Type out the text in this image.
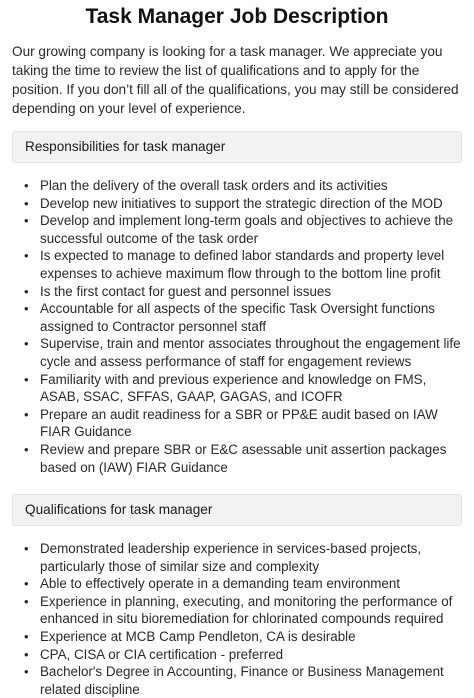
Task Manager Job Description

Our growing company is looking for a task manager. We appreciate you taking the time to review the list of qualifications and to apply for the position. If you don’t fill all of the qualifications, you may still be considered depending on your level of experience.

Responsibilities for task manager
• Plan the delivery of the overall task orders and its activities
• Develop new initiatives to support the strategic direction of the MOD
• Develop and implement long-term goals and objectives to achieve the successful outcome of the task order
• Is expected to manage to defined labor standards and property level expenses to achieve maximum flow through to the bottom line profit
• Is the first contact for guest and personnel issues
• Accountable for all aspects of the specific Task Oversight functions assigned to Contractor personnel staff
• Supervise, train and mentor associates throughout the engagement life cycle and assess performance of staff for engagement reviews
• Familiarity with and previous experience and knowledge on FMS, ASAB, SSAC, SFFAS, GAAP, GAGAS, and ICOFR
• Prepare an audit readiness for a SBR or PP&E audit based on IAW FIAR Guidance
• Review and prepare SBR or E&C asessable unit assertion packages based on (IAW) FIAR Guidance
Qualifications for task manager
• Demonstrated leadership experience in services-based projects, particularly those of similar size and complexity
• Able to effectively operate in a demanding team environment
• Experience in planning, executing, and monitoring the performance of enhanced in situ bioremediation for chlorinated compounds required
• Experience at MCB Camp Pendleton, CA is desirable
• CPA, CISA or CIA certification - preferred
• Bachelor's Degree in Accounting, Finance or Business Management related discipline
